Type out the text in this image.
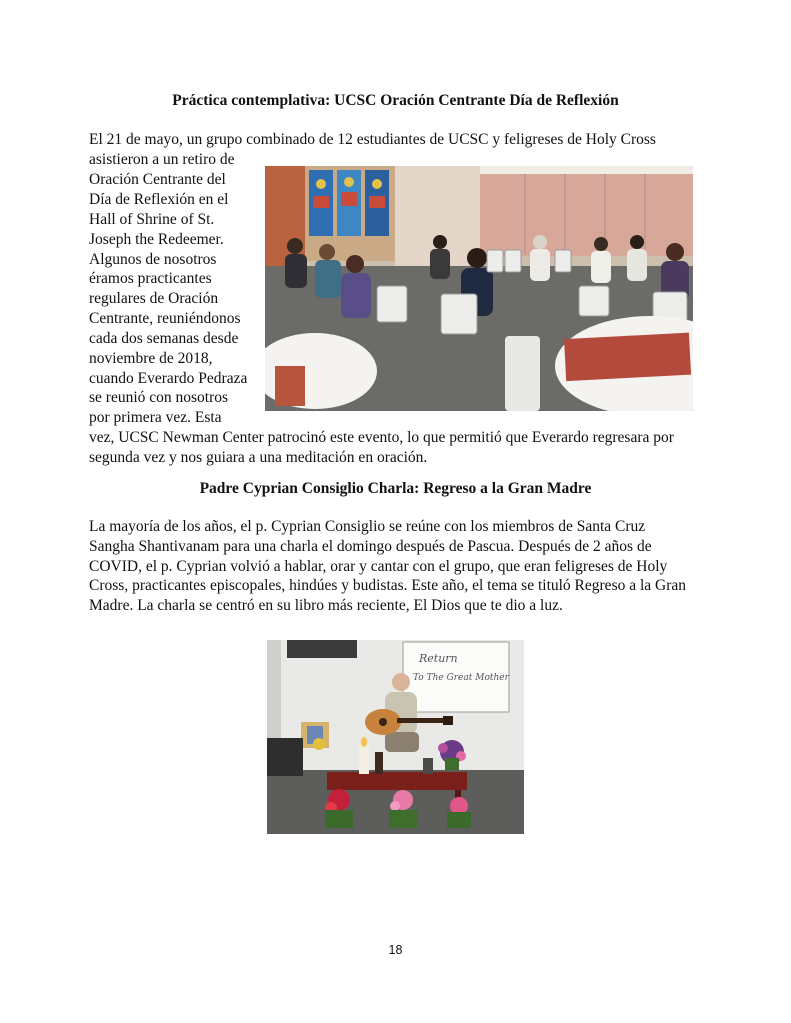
Práctica contemplativa: UCSC Oración Centrante Día de Reflexión
El 21 de mayo, un grupo combinado de 12 estudiantes de UCSC y feligreses de Holy Cross
asistieron a un retiro de
Oración Centrante del
Día de Reflexión en el
Hall of Shrine of St.
Joseph the Redeemer.
Algunos de nosotros
éramos practicantes
regulares de Oración
Centrante, reuniéndonos
cada dos semanas desde
noviembre de 2018,
cuando Everardo Pedraza
se reunió con nosotros
por primera vez. Esta
vez, UCSC Newman Center patrocinó este evento, lo que permitió que Everardo regresara por
segunda vez y nos guiara a una meditación en oración.
Padre Cyprian Consiglio Charla: Regreso a la Gran Madre
La mayoría de los años, el p. Cyprian Consiglio se reúne con los miembros de Santa Cruz
Sangha Shantivanam para una charla el domingo después de Pascua. Después de 2 años de
COVID, el p. Cyprian volvió a hablar, orar y cantar con el grupo, que eran feligreses de Holy
Cross, practicantes episcopales, hindúes y budistas. Este año, el tema se tituló Regreso a la Gran
Madre. La charla se centró en su libro más reciente, El Dios que te dio a luz.
Return
To The Great Mother
18
